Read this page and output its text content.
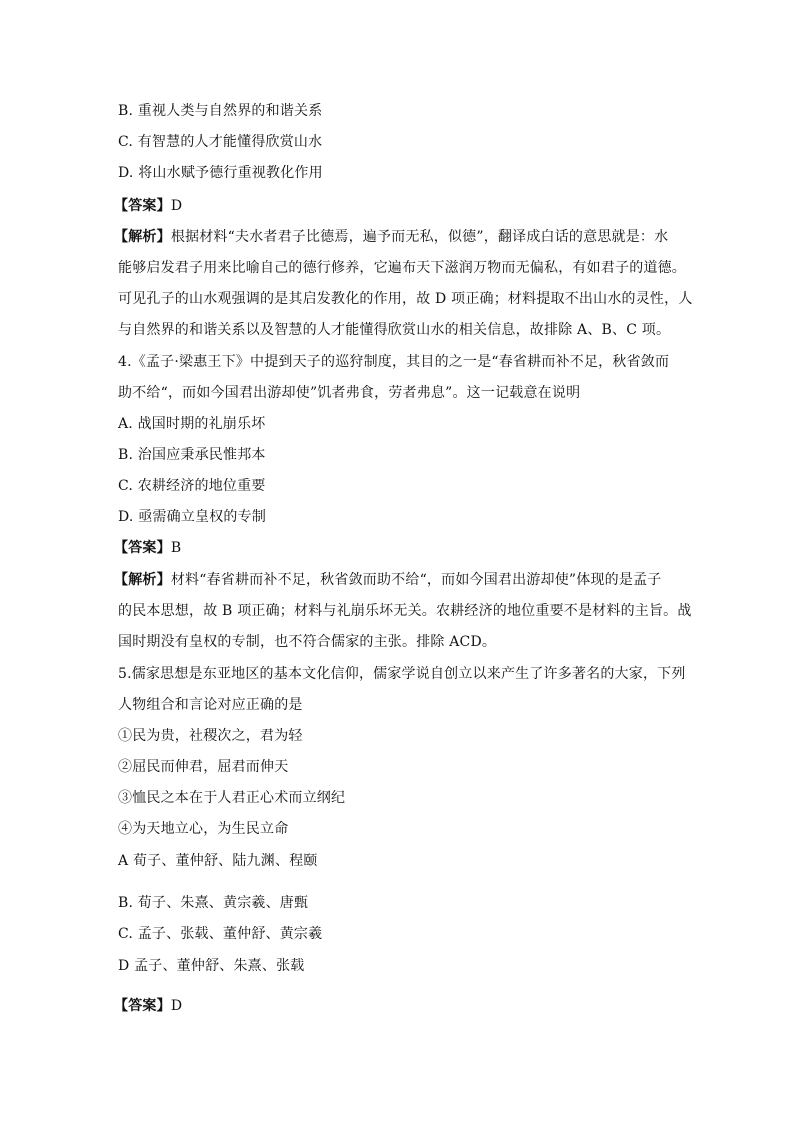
B. 重视人类与自然界的和谐关系
C. 有智慧的人才能懂得欣赏山水
D. 将山水赋予德行重视教化作用
【答案】D
【解析】根据材料“夫水者君子比德焉，遍予而无私，似德”，翻译成白话的意思就是：水
能够启发君子用来比喻自己的德行修养，它遍布天下滋润万物而无偏私，有如君子的道德。
可见孔子的山水观强调的是其启发教化的作用，故 D 项正确；材料提取不出山水的灵性，人
与自然界的和谐关系以及智慧的人才能懂得欣赏山水的相关信息，故排除 A、B、C 项。
4.《孟子·梁惠王下》中提到天子的巡狩制度，其目的之一是“春省耕而补不足，秋省敛而
助不给“，而如今国君出游却使”饥者弗食，劳者弗息”。这一记载意在说明
A. 战国时期的礼崩乐坏
B. 治国应秉承民惟邦本
C. 农耕经济的地位重要
D. 亟需确立皇权的专制
【答案】B
【解析】材料“春省耕而补不足，秋省敛而助不给“，而如今国君出游却使”体现的是孟子
的民本思想，故 B 项正确；材料与礼崩乐坏无关。农耕经济的地位重要不是材料的主旨。战
国时期没有皇权的专制，也不符合儒家的主张。排除 ACD。
5.儒家思想是东亚地区的基本文化信仰，儒家学说自创立以来产生了许多著名的大家，下列
人物组合和言论对应正确的是
①民为贵，社稷次之，君为轻
②屈民而伸君，屈君而伸天
③恤民之本在于人君正心术而立纲纪
④为天地立心，为生民立命
A 荀子、董仲舒、陆九渊、程颐
B. 荀子、朱熹、黄宗羲、唐甄
C. 孟子、张载、董仲舒、黄宗羲
D 孟子、董仲舒、朱熹、张载
【答案】D
